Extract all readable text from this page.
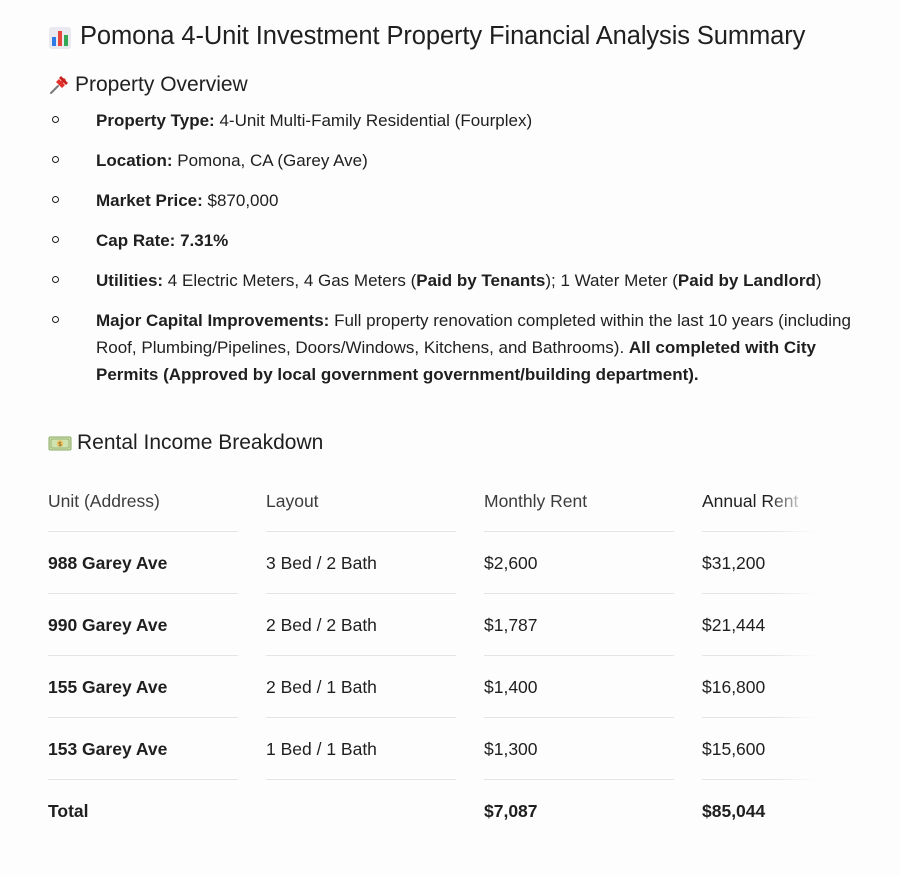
Pomona 4-Unit Investment Property Financial Analysis Summary
Property Overview
Property Type: 4-Unit Multi-Family Residential (Fourplex)
Location: Pomona, CA (Garey Ave)
Market Price: $870,000
Cap Rate: 7.31%
Utilities: 4 Electric Meters, 4 Gas Meters (Paid by Tenants); 1 Water Meter (Paid by Landlord)
Major Capital Improvements: Full property renovation completed within the last 10 years (including Roof, Plumbing/Pipelines, Doors/Windows, Kitchens, and Bathrooms). All completed with City Permits (Approved by local government government/building department).
$ Rental Income Breakdown
Unit (Address)	Layout	Monthly Rent	Annual Rent

988 Garey Ave	3 Bed / 2 Bath	$2,600	$31,200

990 Garey Ave	2 Bed / 2 Bath	$1,787	$21,444

155 Garey Ave	2 Bed / 1 Bath	$1,400	$16,800

153 Garey Ave	1 Bed / 1 Bath	$1,300	$15,600

Total		$7,087	$85,044
